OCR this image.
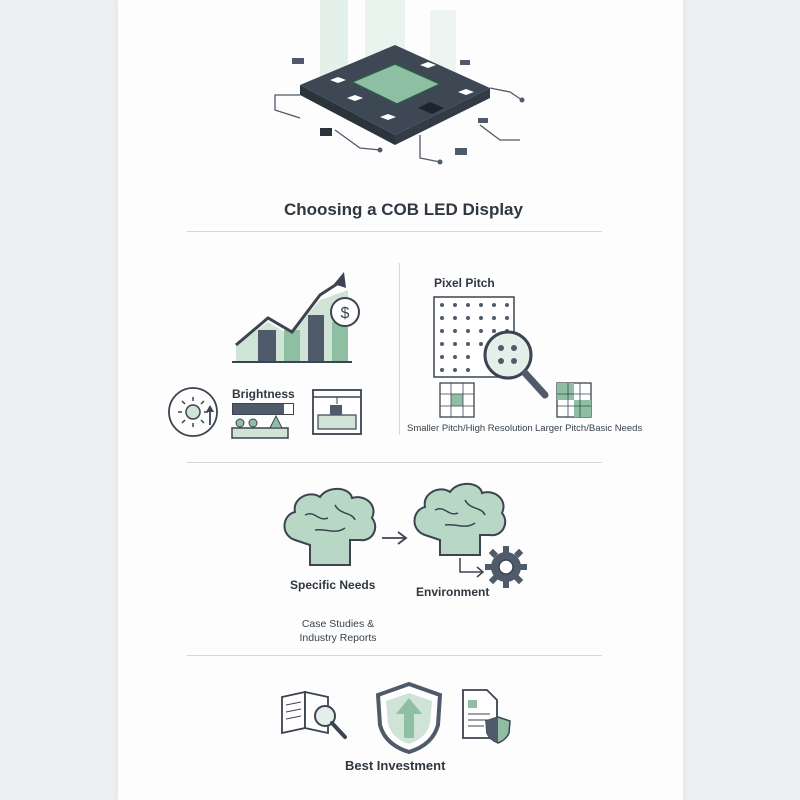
Choosing a COB LED Display
$
Brightness
Pixel Pitch
Smaller Pitch/High Resolution Larger Pitch/Basic Needs
Specific Needs	Environment
Case Studies &
Industry Reports
Best Investment
